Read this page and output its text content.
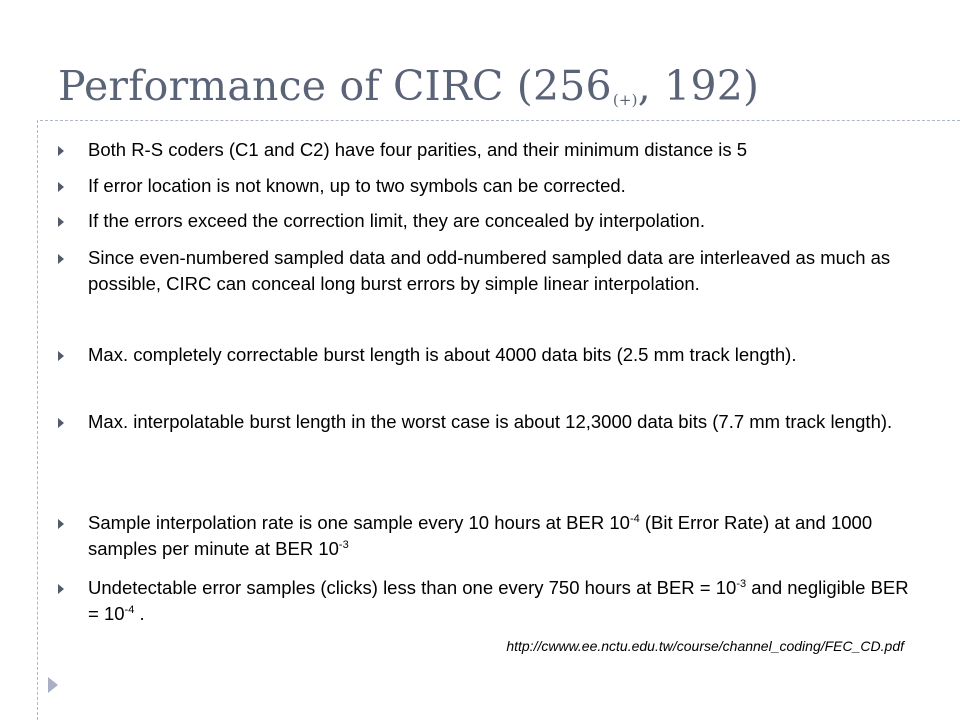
Performance of CIRC ($256_{(+)}$, 192)
Both R-S coders (C1 and C2) have four parities, and their minimum distance is 5
If error location is not known, up to two symbols can be corrected.
If the errors exceed the correction limit, they are concealed by interpolation.
Since even-numbered sampled data and odd-numbered sampled data are interleaved as much as possible, CIRC can conceal long burst errors by simple linear interpolation.
Max. completely correctable burst length is about 4000 data bits (2.5 mm track length).
Max. interpolatable burst length in the worst case is about 12,3000 data bits (7.7 mm track length).
Sample interpolation rate is one sample every 10 hours at BER $10^{-4}$ (Bit Error Rate) at and 1000 samples per minute at BER $10^{-3}$
Undetectable error samples (clicks) less than one every 750 hours at BER = $10^{-3}$ and negligible BER = $10^{-4}$ .
http://cwww.ee.nctu.edu.tw/course/channel_coding/FEC_CD.pdf
